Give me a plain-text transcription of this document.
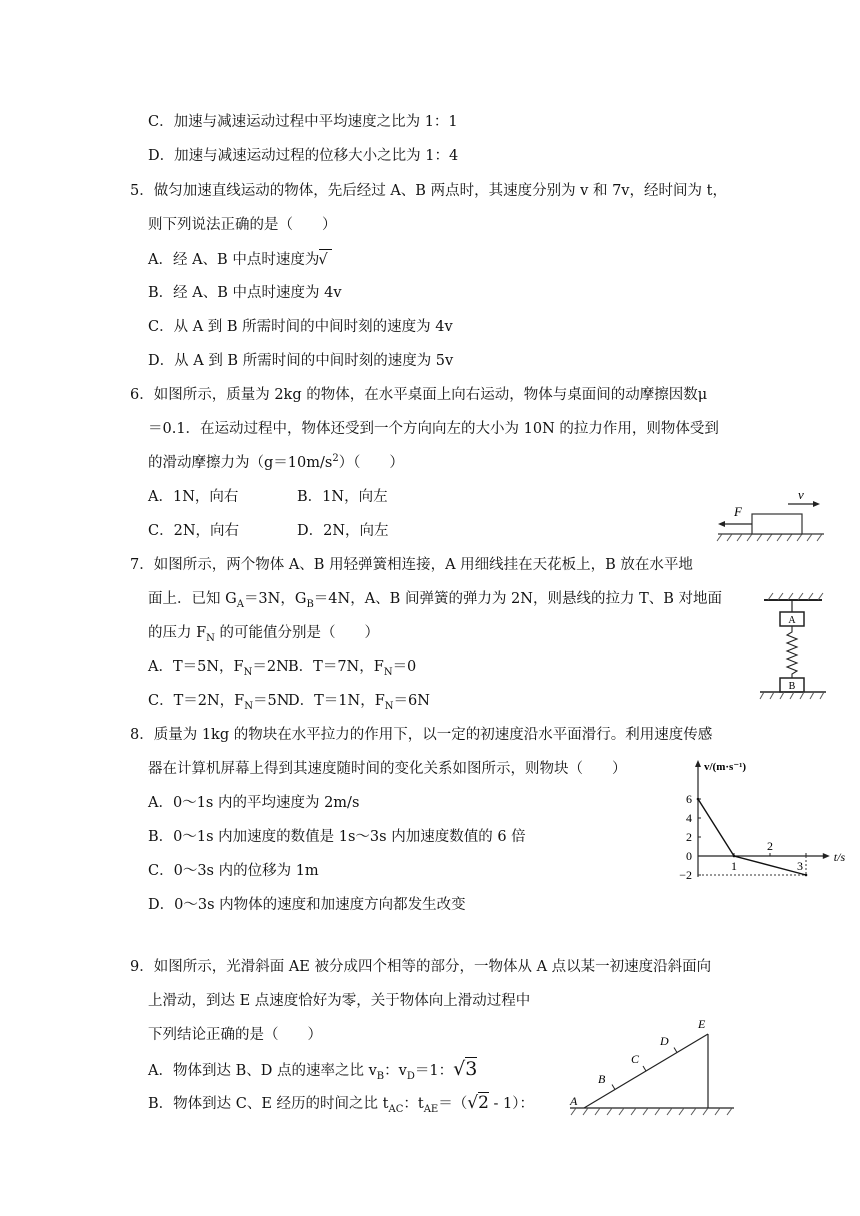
C．加速与减速运动过程中平均速度之比为 1：1
D．加速与减速运动过程的位移大小之比为 1：4
5．做匀加速直线运动的物体，先后经过 A、B 两点时，其速度分别为 v 和 7v，经时间为 t，
则下列说法正确的是（　　）
A．经 A、B 中点时速度为√
B．经 A、B 中点时速度为 4v
C．从 A 到 B 所需时间的中间时刻的速度为 4v
D．从 A 到 B 所需时间的中间时刻的速度为 5v
6．如图所示，质量为 2kg 的物体，在水平桌面上向右运动，物体与桌面间的动摩擦因数μ
＝0.1．在运动过程中，物体还受到一个方向向左的大小为 10N 的拉力作用，则物体受到
的滑动摩擦力为$(g=10m/s^2)$（　　）
A．1N，向右	B．1N，向左
C．2N，向右	D．2N，向左
F
v
7．如图所示，两个物体 A、B 用轻弹簧相连接，A 用细线挂在天花板上，B 放在水平地
面上．已知 $G_A=3N$，$G_B=4N$，A、B 间弹簧的弹力为 2N，则悬线的拉力 T、B 对地面
的压力 $F_N$ 的可能值分别是（　　）
A．T＝5N，$F_N=2N$ B．T＝7N，$F_N=0$
C．T＝2N，$F_N=5N$
D．T＝1N，$F_N=6N$
A
B
8．质量为 1kg 的物块在水平拉力的作用下，以一定的初速度沿水平面滑行。利用速度传感
器在计算机屏幕上得到其速度随时间的变化关系如图所示，则物块（　　）
A．0～1s 内的平均速度为 2m/s
B．0～1s 内加速度的数值是 1s～3s 内加速度数值的 6 倍
C．0～3s 内的位移为 1m
D．0～3s 内物体的速度和加速度方向都发生改变
6
4
2
0
−2
1
2
3
v/(m·s⁻¹)
t/s
9．如图所示，光滑斜面 AE 被分成四个相等的部分，一物体从 A 点以某一初速度沿斜面向
上滑动，到达 E 点速度恰好为零，关于物体向上滑动过程中
下列结论正确的是（　　）
A．物体到达 B、D 点的速率之比 $v_B$：$v_D=1$：√3
B．物体到达 C、E 经历的时间之比 $t_{AC}$：$t_{AE}=(√2 - 1)$：	A
B
C
D
E
